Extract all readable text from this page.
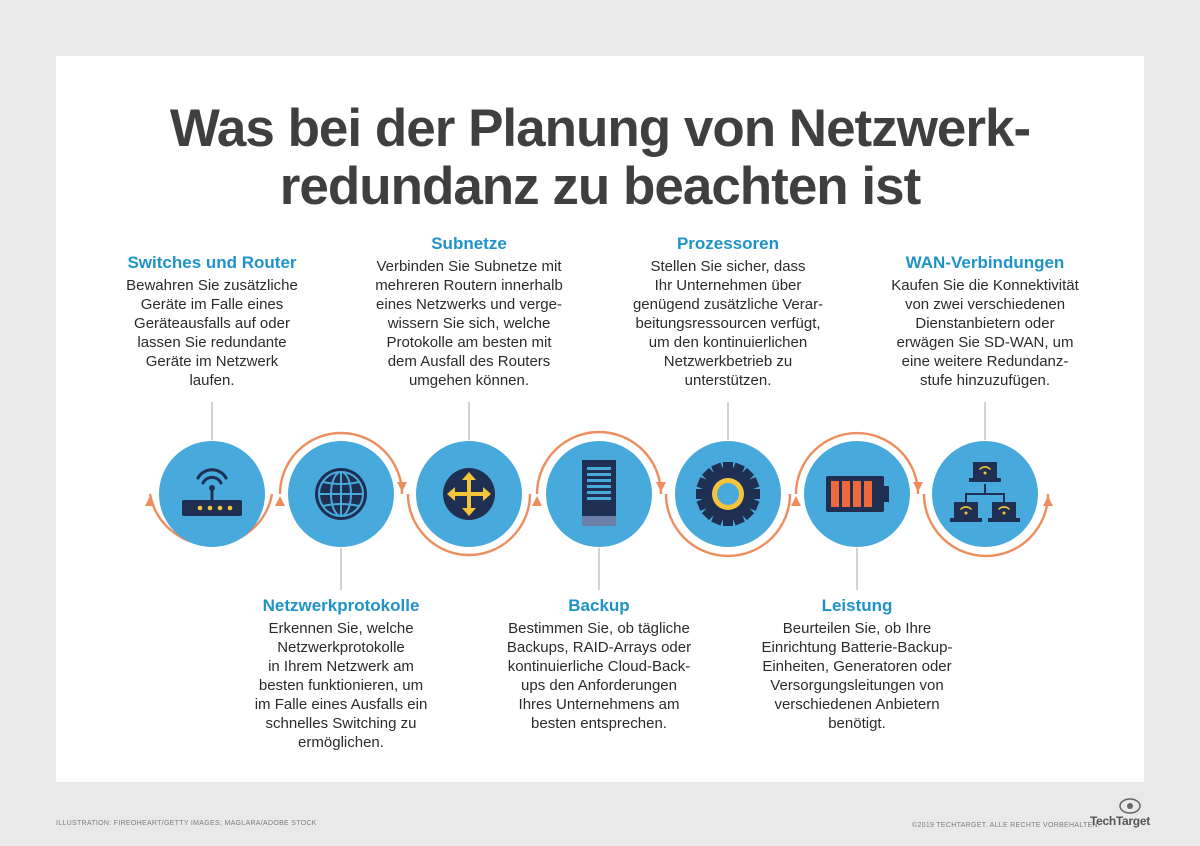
Was bei der Planung von Netzwerk-
redundanz zu beachten ist
Switches und Router

Bewahren Sie zusätzliche
Geräte im Falle eines
Geräteausfalls auf oder
lassen Sie redundante
Geräte im Netzwerk
laufen.

Netzwerkprotokolle

Erkennen Sie, welche
Netzwerkprotokolle
in Ihrem Netzwerk am
besten funktionieren, um
im Falle eines Ausfalls ein
schnelles Switching zu
ermöglichen.

Subnetze

Verbinden Sie Subnetze mit
mehreren Routern innerhalb
eines Netzwerks und verge-
wissern Sie sich, welche
Protokolle am besten mit
dem Ausfall des Routers
umgehen können.

Backup

Bestimmen Sie, ob tägliche
Backups, RAID-Arrays oder
kontinuierliche Cloud-Back-
ups den Anforderungen
Ihres Unternehmens am
besten entsprechen.

Prozessoren

Stellen Sie sicher, dass
Ihr Unternehmen über
genügend zusätzliche Verar-
beitungsressourcen verfügt,
um den kontinuierlichen
Netzwerkbetrieb zu
unterstützen.

Leistung

Beurteilen Sie, ob Ihre
Einrichtung Batterie-Backup-
Einheiten, Generatoren oder
Versorgungsleitungen von
verschiedenen Anbietern
benötigt.

WAN-Verbindungen

Kaufen Sie die Konnektivität
von zwei verschiedenen
Dienstanbietern oder
erwägen Sie SD-WAN, um
eine weitere Redundanz-
stufe hinzuzufügen.

ILLUSTRATION: FIREOHEART/GETTY IMAGES; MAGLARA/ADOBE STOCK	©2019 TECHTARGET. ALLE RECHTE VORBEHALTEN.
TechTarget
